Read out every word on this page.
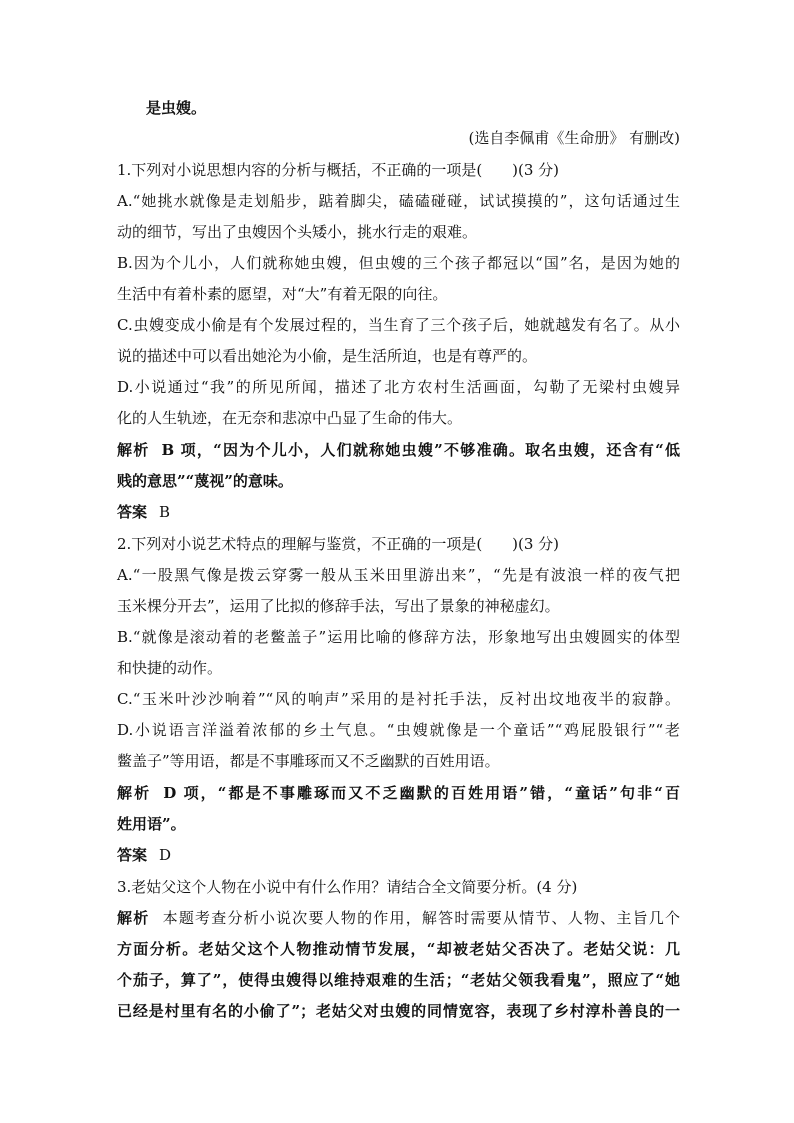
是虫嫂。
(选自李佩甫《生命册》 有删改)
1.下列对小说思想内容的分析与概括，不正确的一项是(　　)(3 分)
A.“她挑水就像是走划船步，踮着脚尖，磕磕碰碰，试试摸摸的”，这句话通过生
动的细节，写出了虫嫂因个头矮小，挑水行走的艰难。
B.因为个儿小，人们就称她虫嫂，但虫嫂的三个孩子都冠以“国”名，是因为她的
生活中有着朴素的愿望，对“大”有着无限的向往。
C.虫嫂变成小偷是有个发展过程的，当生育了三个孩子后，她就越发有名了。从小
说的描述中可以看出她沦为小偷，是生活所迫，也是有尊严的。
D.小说通过“我”的所见所闻，描述了北方农村生活画面，勾勒了无梁村虫嫂异
化的人生轨迹，在无奈和悲凉中凸显了生命的伟大。
解析 B 项，“因为个儿小，人们就称她虫嫂”不够准确。取名虫嫂，还含有“低
贱的意思”“蔑视”的意味。
答案 B
2.下列对小说艺术特点的理解与鉴赏，不正确的一项是(　　)(3 分)
A.“一股黑气像是拨云穿雾一般从玉米田里游出来”，“先是有波浪一样的夜气把
玉米棵分开去”，运用了比拟的修辞手法，写出了景象的神秘虚幻。
B.“就像是滚动着的老鳖盖子”运用比喻的修辞方法，形象地写出虫嫂圆实的体型
和快捷的动作。
C.“玉米叶沙沙响着”“风的响声”采用的是衬托手法，反衬出坟地夜半的寂静。
D.小说语言洋溢着浓郁的乡土气息。“虫嫂就像是一个童话”“鸡屁股银行”“老
鳖盖子”等用语，都是不事雕琢而又不乏幽默的百姓用语。
解析 D 项，“都是不事雕琢而又不乏幽默的百姓用语”错，“童话”句非“百
姓用语”。
答案 D
3.老姑父这个人物在小说中有什么作用？请结合全文简要分析。(4 分)
解析 本题考查分析小说次要人物的作用，解答时需要从情节、人物、主旨几个
方面分析。老姑父这个人物推动情节发展，“却被老姑父否决了。老姑父说：几
个茄子，算了”，使得虫嫂得以维持艰难的生活；“老姑父领我看鬼”，照应了“她
已经是村里有名的小偷了”；老姑父对虫嫂的同情宽容，表现了乡村淳朴善良的一
